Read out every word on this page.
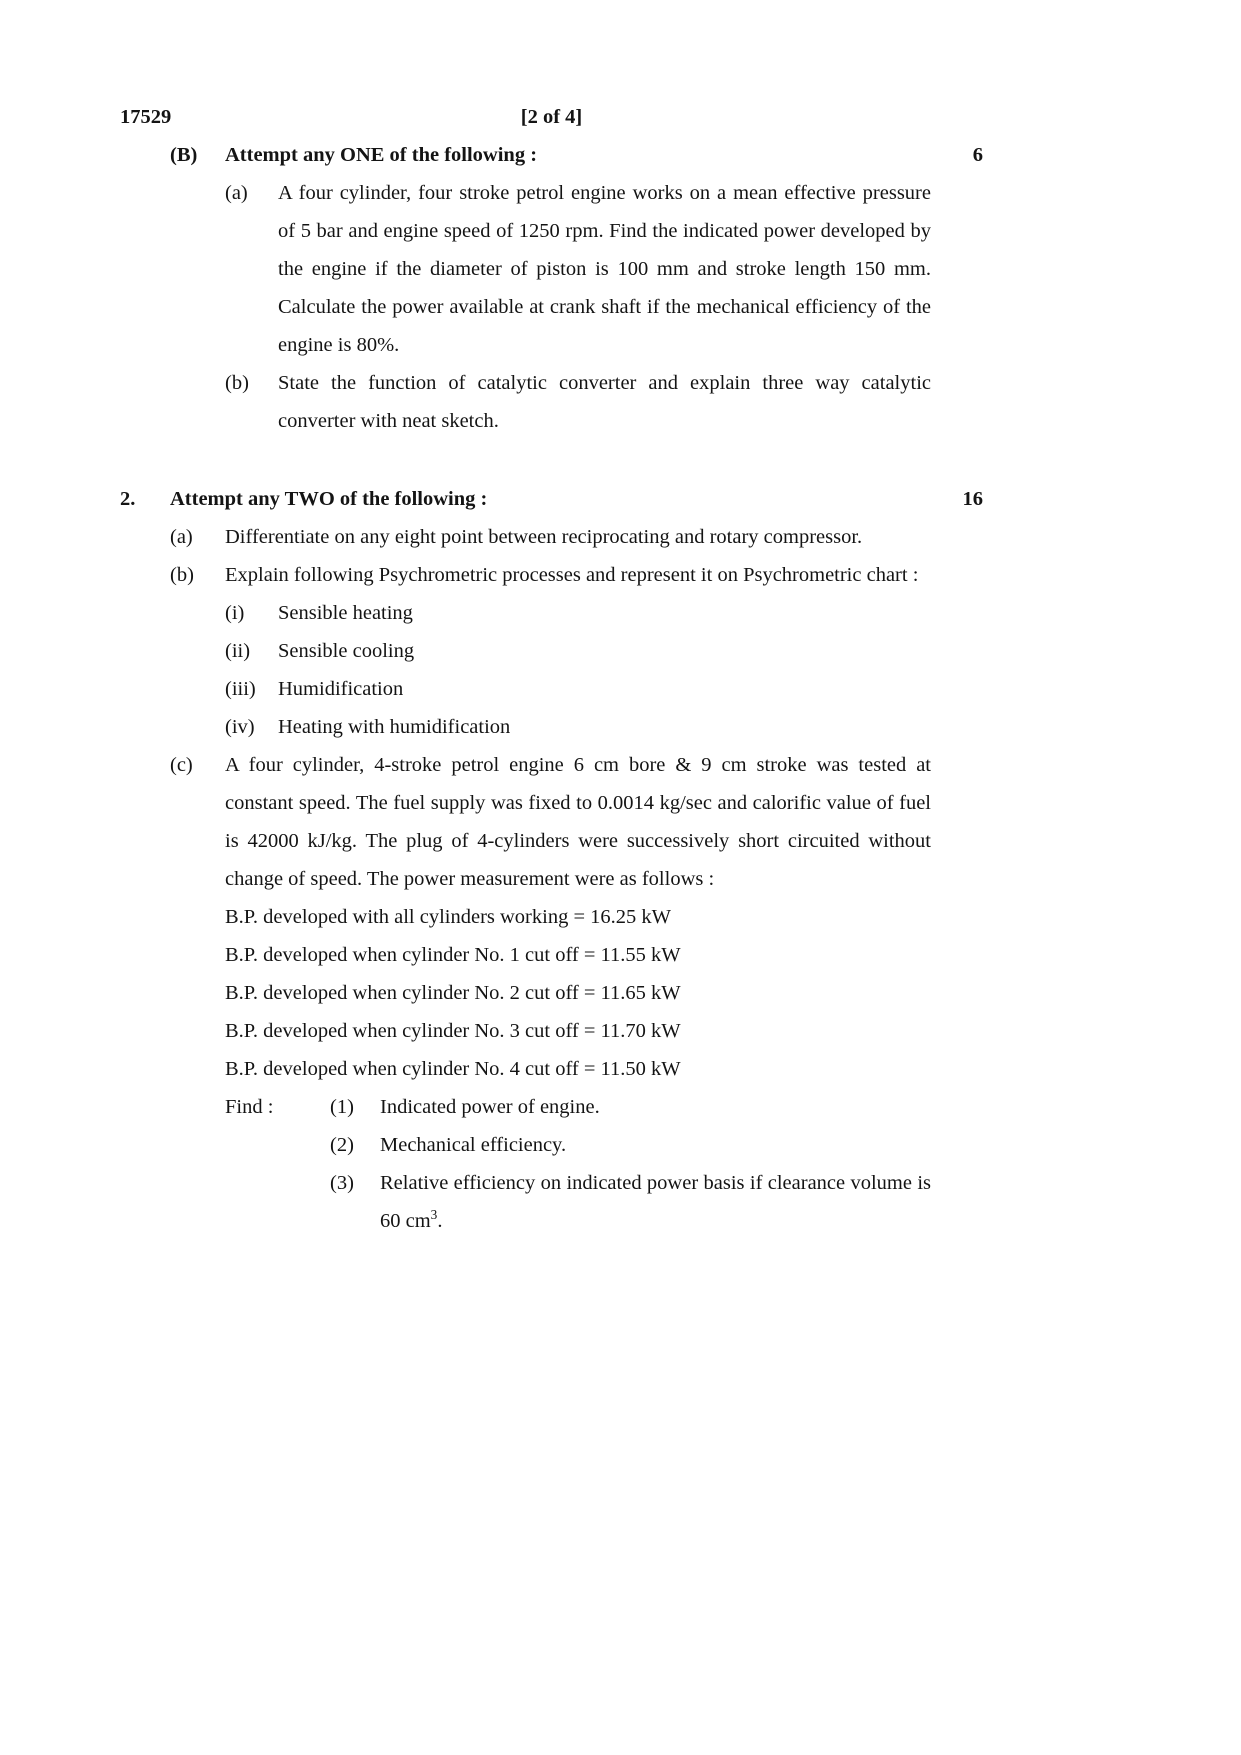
17529	[2 of 4]
(B)	Attempt any ONE of the following :	6
(a)	A four cylinder, four stroke petrol engine works on a mean effective pressure of 5 bar and engine speed of 1250 rpm. Find the indicated power developed by the engine if the diameter of piston is 100 mm and stroke length 150 mm. Calculate the power available at crank shaft if the mechanical efficiency of the engine is 80%.
(b)	State the function of catalytic converter and explain three way catalytic converter with neat sketch.
2.	Attempt any TWO of the following :	16
(a)	Differentiate on any eight point between reciprocating and rotary compressor.
(b)	Explain following Psychrometric processes and represent it on Psychrometric chart :
(i)	Sensible heating
(ii)	Sensible cooling
(iii)	Humidification
(iv)	Heating with humidification
(c)	A four cylinder, 4-stroke petrol engine 6 cm bore & 9 cm stroke was tested at constant speed. The fuel supply was fixed to 0.0014 kg/sec and calorific value of fuel is 42000 kJ/kg. The plug of 4-cylinders were successively short circuited without change of speed. The power measurement were as follows :
B.P. developed with all cylinders working = 16.25 kW
B.P. developed when cylinder No. 1 cut off = 11.55 kW
B.P. developed when cylinder No. 2 cut off = 11.65 kW
B.P. developed when cylinder No. 3 cut off = 11.70 kW
B.P. developed when cylinder No. 4 cut off = 11.50 kW
Find :	(1)	Indicated power of engine.
(2)	Mechanical efficiency.
(3)	Relative efficiency on indicated power basis if clearance volume is 60 $cm^3$.
